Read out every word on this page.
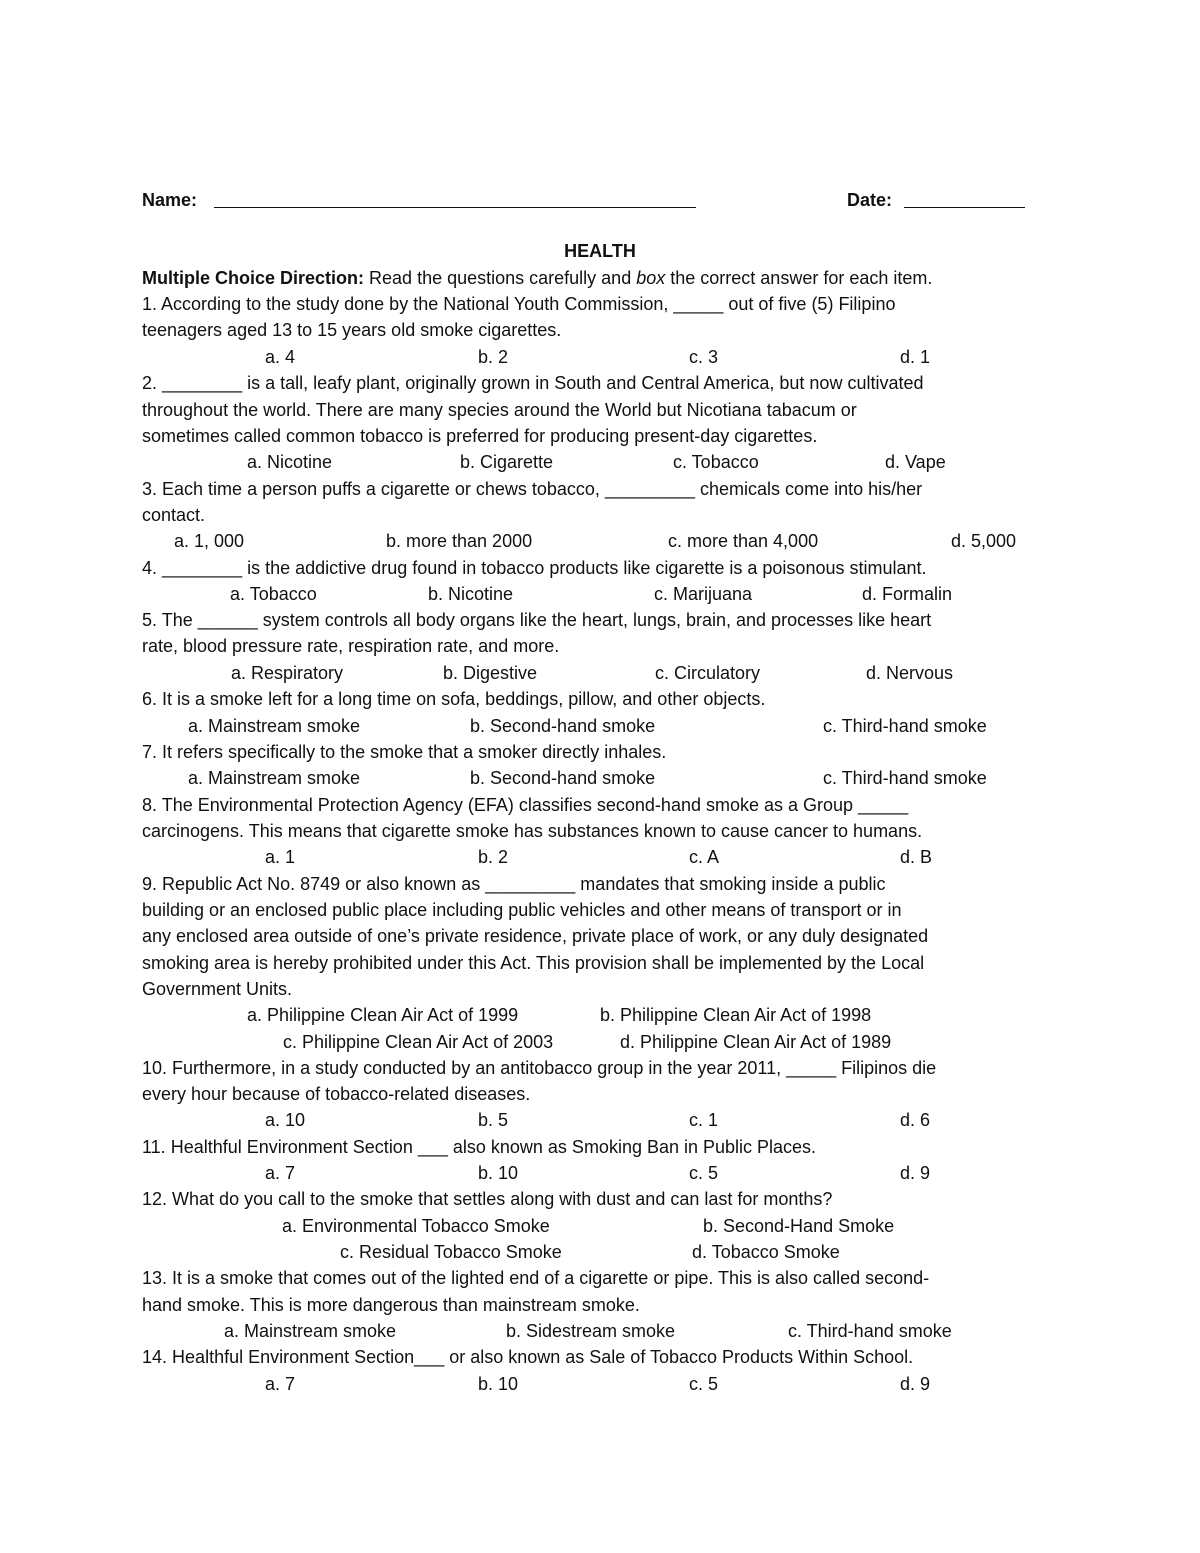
Name:	Date:
HEALTH
Multiple Choice Direction: Read the questions carefully and box the correct answer for each item.
1. According to the study done by the National Youth Commission, _____ out of five (5) Filipino
teenagers aged 13 to 15 years old smoke cigarettes.
a. 4	b. 2	c. 3	d. 1
2. ________ is a tall, leafy plant, originally grown in South and Central America, but now cultivated
throughout the world. There are many species around the World but Nicotiana tabacum or
sometimes called common tobacco is preferred for producing present-day cigarettes.
a. Nicotine	b. Cigarette	c. Tobacco	d. Vape
3. Each time a person puffs a cigarette or chews tobacco, _________ chemicals come into his/her
contact.
a. 1, 000	b. more than 2000	c. more than 4,000	d. 5,000
4. ________ is the addictive drug found in tobacco products like cigarette is a poisonous stimulant.
a. Tobacco	b. Nicotine	c. Marijuana	d. Formalin
5. The ______ system controls all body organs like the heart, lungs, brain, and processes like heart
rate, blood pressure rate, respiration rate, and more.
a. Respiratory	b. Digestive	c. Circulatory	d. Nervous
6. It is a smoke left for a long time on sofa, beddings, pillow, and other objects.
a. Mainstream smoke	b. Second-hand smoke	c. Third-hand smoke
7. It refers specifically to the smoke that a smoker directly inhales.
a. Mainstream smoke	b. Second-hand smoke	c. Third-hand smoke
8. The Environmental Protection Agency (EFA) classifies second-hand smoke as a Group _____
carcinogens. This means that cigarette smoke has substances known to cause cancer to humans.
a. 1	b. 2	c. A	d. B
9. Republic Act No. 8749 or also known as _________ mandates that smoking inside a public
building or an enclosed public place including public vehicles and other means of transport or in
any enclosed area outside of one’s private residence, private place of work, or any duly designated
smoking area is hereby prohibited under this Act. This provision shall be implemented by the Local
Government Units.
a. Philippine Clean Air Act of 1999	b. Philippine Clean Air Act of 1998
c. Philippine Clean Air Act of 2003	d. Philippine Clean Air Act of 1989
10. Furthermore, in a study conducted by an antitobacco group in the year 2011, _____ Filipinos die
every hour because of tobacco-related diseases.
a. 10	b. 5	c. 1	d. 6
11. Healthful Environment Section ___ also known as Smoking Ban in Public Places.
a. 7	b. 10	c. 5	d. 9
12. What do you call to the smoke that settles along with dust and can last for months?
a. Environmental Tobacco Smoke	b. Second-Hand Smoke
c. Residual Tobacco Smoke	d. Tobacco Smoke
13. It is a smoke that comes out of the lighted end of a cigarette or pipe. This is also called second-
hand smoke. This is more dangerous than mainstream smoke.
a. Mainstream smoke	b. Sidestream smoke	c. Third-hand smoke
14. Healthful Environment Section___ or also known as Sale of Tobacco Products Within School.
a. 7	b. 10	c. 5	d. 9
